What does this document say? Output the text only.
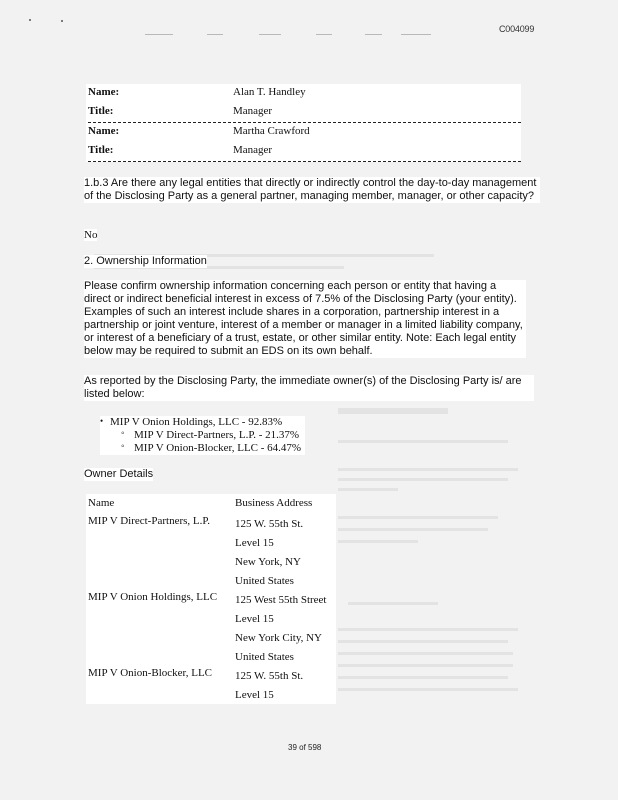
C004099
Name:	Alan T. Handley
Title:	Manager
Name:	Martha Crawford
Title:	Manager
1.b.3 Are there any legal entities that directly or indirectly control the day-to-day management of the Disclosing Party as a general partner, managing member, manager, or other capacity?
No
2. Ownership Information
Please confirm ownership information concerning each person or entity that having a direct or indirect beneficial interest in excess of 7.5% of the Disclosing Party (your entity). Examples of such an interest include shares in a corporation, partnership interest in a partnership or joint venture, interest of a member or manager in a limited liability company, or interest of a beneficiary of a trust, estate, or other similar entity. Note: Each legal entity below may be required to submit an EDS on its own behalf.
As reported by the Disclosing Party, the immediate owner(s) of the Disclosing Party is/ are listed below:
• MIP V Onion Holdings, LLC - 92.83%
◦ MIP V Direct-Partners, L.P. - 21.37%
◦ MIP V Onion-Blocker, LLC - 64.47%
Owner Details
Name	Business Address
MIP V Direct-Partners, L.P. 125 W. 55th St.
Level 15
New York, NY
United States
MIP V Onion Holdings, LLC 125 West 55th Street
Level 15
New York City, NY
United States
MIP V Onion-Blocker, LLC 125 W. 55th St.
Level 15
39 of 598
